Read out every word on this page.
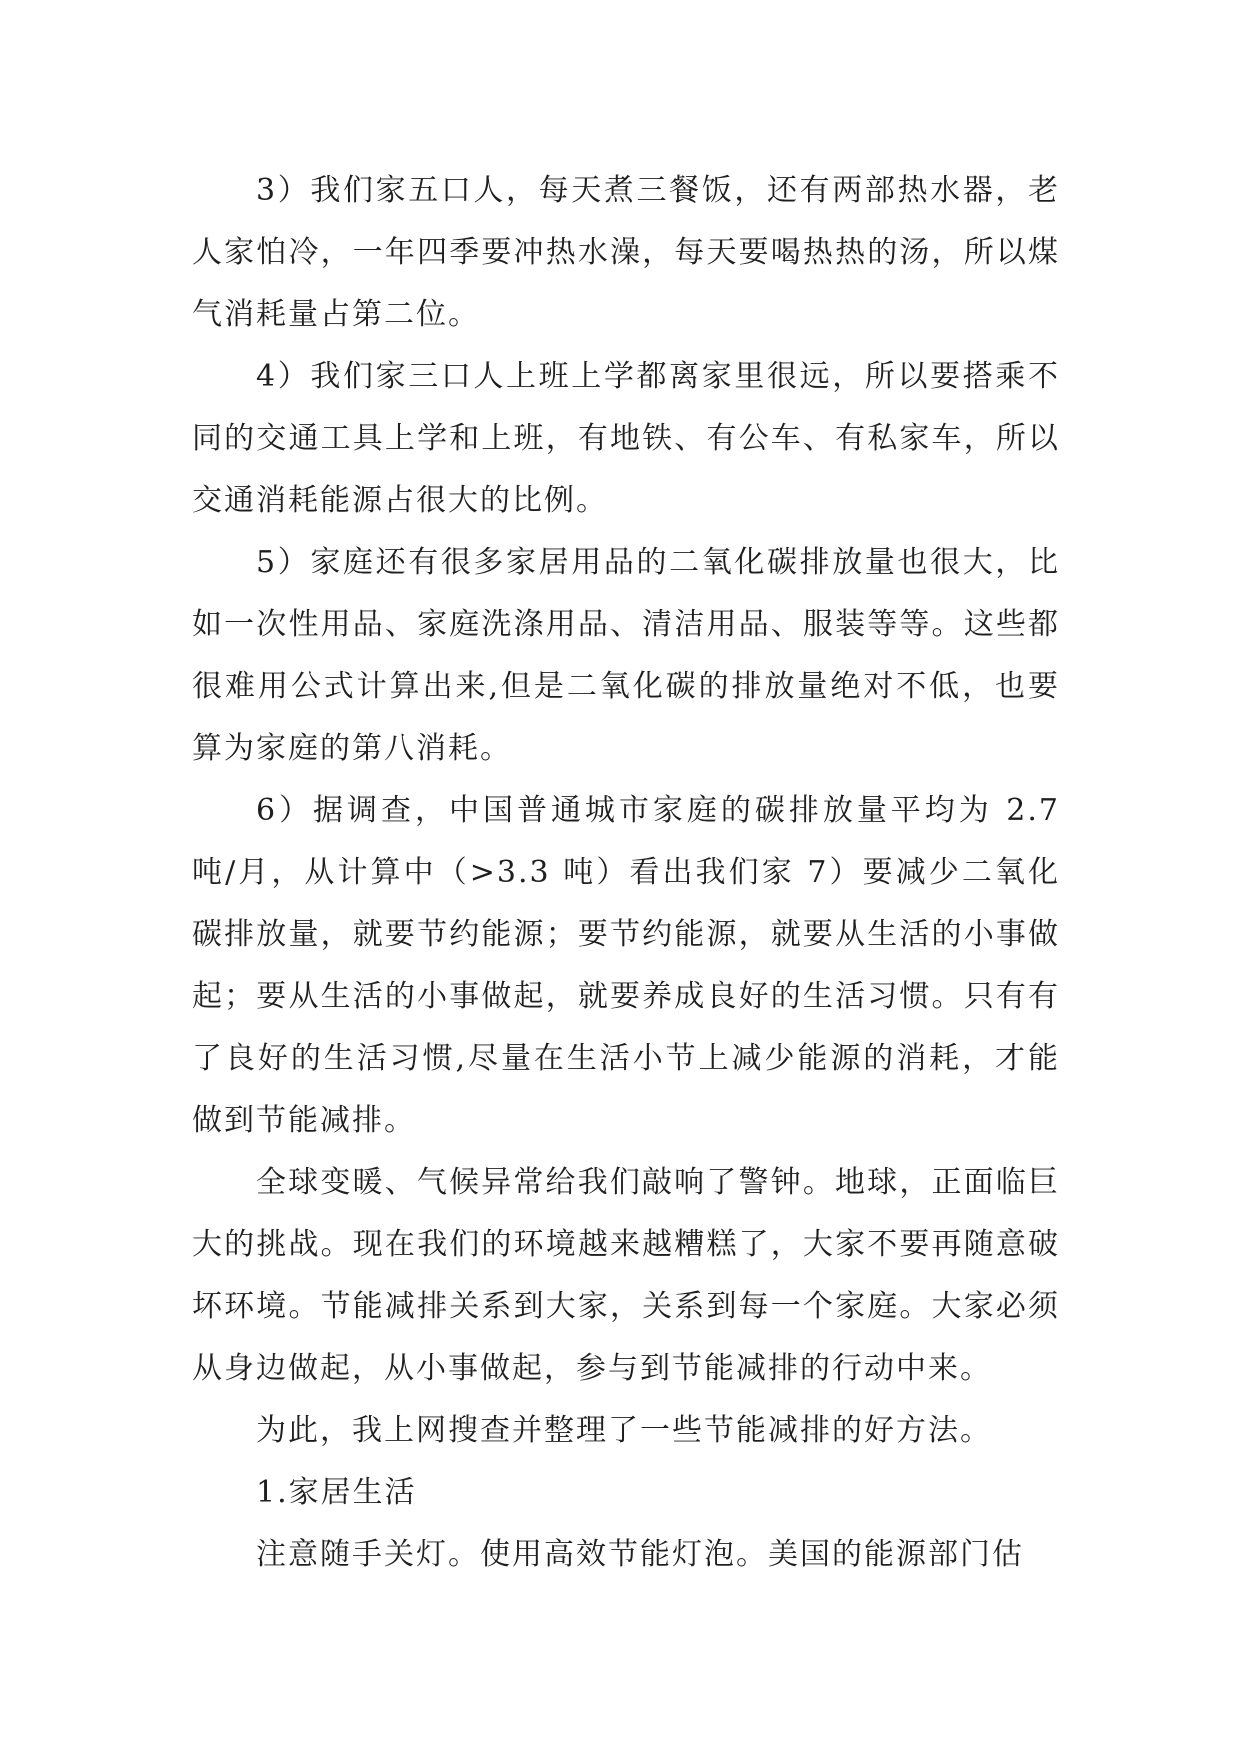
3）我们家五口人，每天煮三餐饭，还有两部热水器，老人家怕冷，一年四季要冲热水澡，每天要喝热热的汤，所以煤气消耗量占第二位。

4）我们家三口人上班上学都离家里很远，所以要搭乘不同的交通工具上学和上班，有地铁、有公车、有私家车，所以交通消耗能源占很大的比例。

5）家庭还有很多家居用品的二氧化碳排放量也很大，比如一次性用品、家庭洗涤用品、清洁用品、服装等等。这些都很难用公式计算出来,但是二氧化碳的排放量绝对不低，也要算为家庭的第八消耗。

6）据调查，中国普通城市家庭的碳排放量平均为 2.7 吨/月，从计算中（>3.3 吨）看出我们家 7）要减少二氧化碳排放量，就要节约能源；要节约能源，就要从生活的小事做起；要从生活的小事做起，就要养成良好的生活习惯。只有有了良好的生活习惯,尽量在生活小节上减少能源的消耗，才能做到节能减排。

全球变暖、气候异常给我们敲响了警钟。地球，正面临巨大的挑战。现在我们的环境越来越糟糕了，大家不要再随意破坏环境。节能减排关系到大家，关系到每一个家庭。大家必须从身边做起，从小事做起，参与到节能减排的行动中来。

为此，我上网搜查并整理了一些节能减排的好方法。

1.家居生活

注意随手关灯。使用高效节能灯泡。美国的能源部门估
